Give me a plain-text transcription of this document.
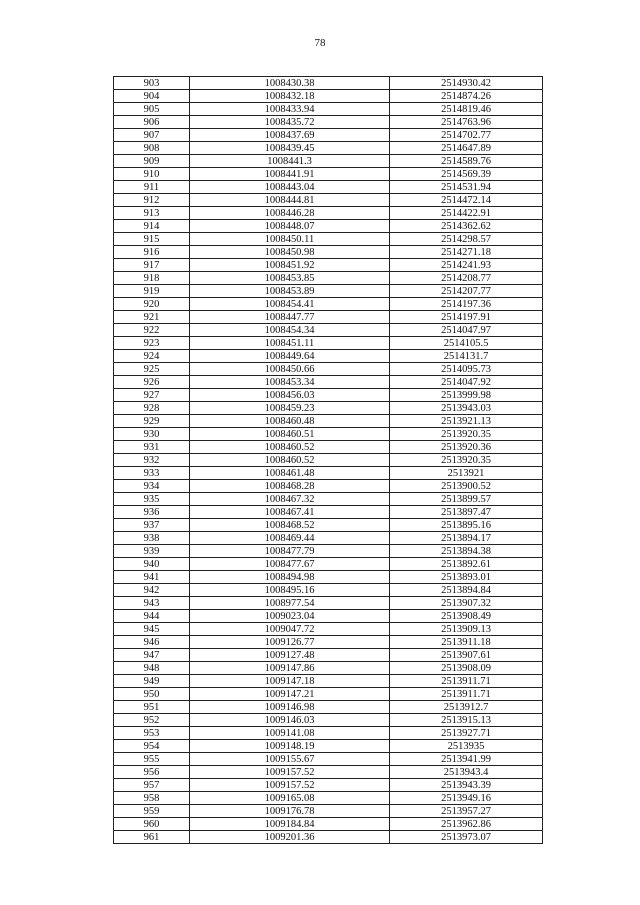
78
903	1008430.38	2514930.42
904	1008432.18	2514874.26
905	1008433.94	2514819.46
906	1008435.72	2514763.96
907	1008437.69	2514702.77
908	1008439.45	2514647.89
909	1008441.3	2514589.76
910	1008441.91	2514569.39
911	1008443.04	2514531.94
912	1008444.81	2514472.14
913	1008446.28	2514422.91
914	1008448.07	2514362.62
915	1008450.11	2514298.57
916	1008450.98	2514271.18
917	1008451.92	2514241.93
918	1008453.85	2514208.77
919	1008453.89	2514207.77
920	1008454.41	2514197.36
921	1008447.77	2514197.91
922	1008454.34	2514047.97
923	1008451.11	2514105.5
924	1008449.64	2514131.7
925	1008450.66	2514095.73
926	1008453.34	2514047.92
927	1008456.03	2513999.98
928	1008459.23	2513943.03
929	1008460.48	2513921.13
930	1008460.51	2513920.35
931	1008460.52	2513920.36
932	1008460.52	2513920.35
933	1008461.48	2513921
934	1008468.28	2513900.52
935	1008467.32	2513899.57
936	1008467.41	2513897.47
937	1008468.52	2513895.16
938	1008469.44	2513894.17
939	1008477.79	2513894.38
940	1008477.67	2513892.61
941	1008494.98	2513893.01
942	1008495.16	2513894.84
943	1008977.54	2513907.32
944	1009023.04	2513908.49
945	1009047.72	2513909.13
946	1009126.77	2513911.18
947	1009127.48	2513907.61
948	1009147.86	2513908.09
949	1009147.18	2513911.71
950	1009147.21	2513911.71
951	1009146.98	2513912.7
952	1009146.03	2513915.13
953	1009141.08	2513927.71
954	1009148.19	2513935
955	1009155.67	2513941.99
956	1009157.52	2513943.4
957	1009157.52	2513943.39
958	1009165.08	2513949.16
959	1009176.78	2513957.27
960	1009184.84	2513962.86
961	1009201.36	2513973.07
